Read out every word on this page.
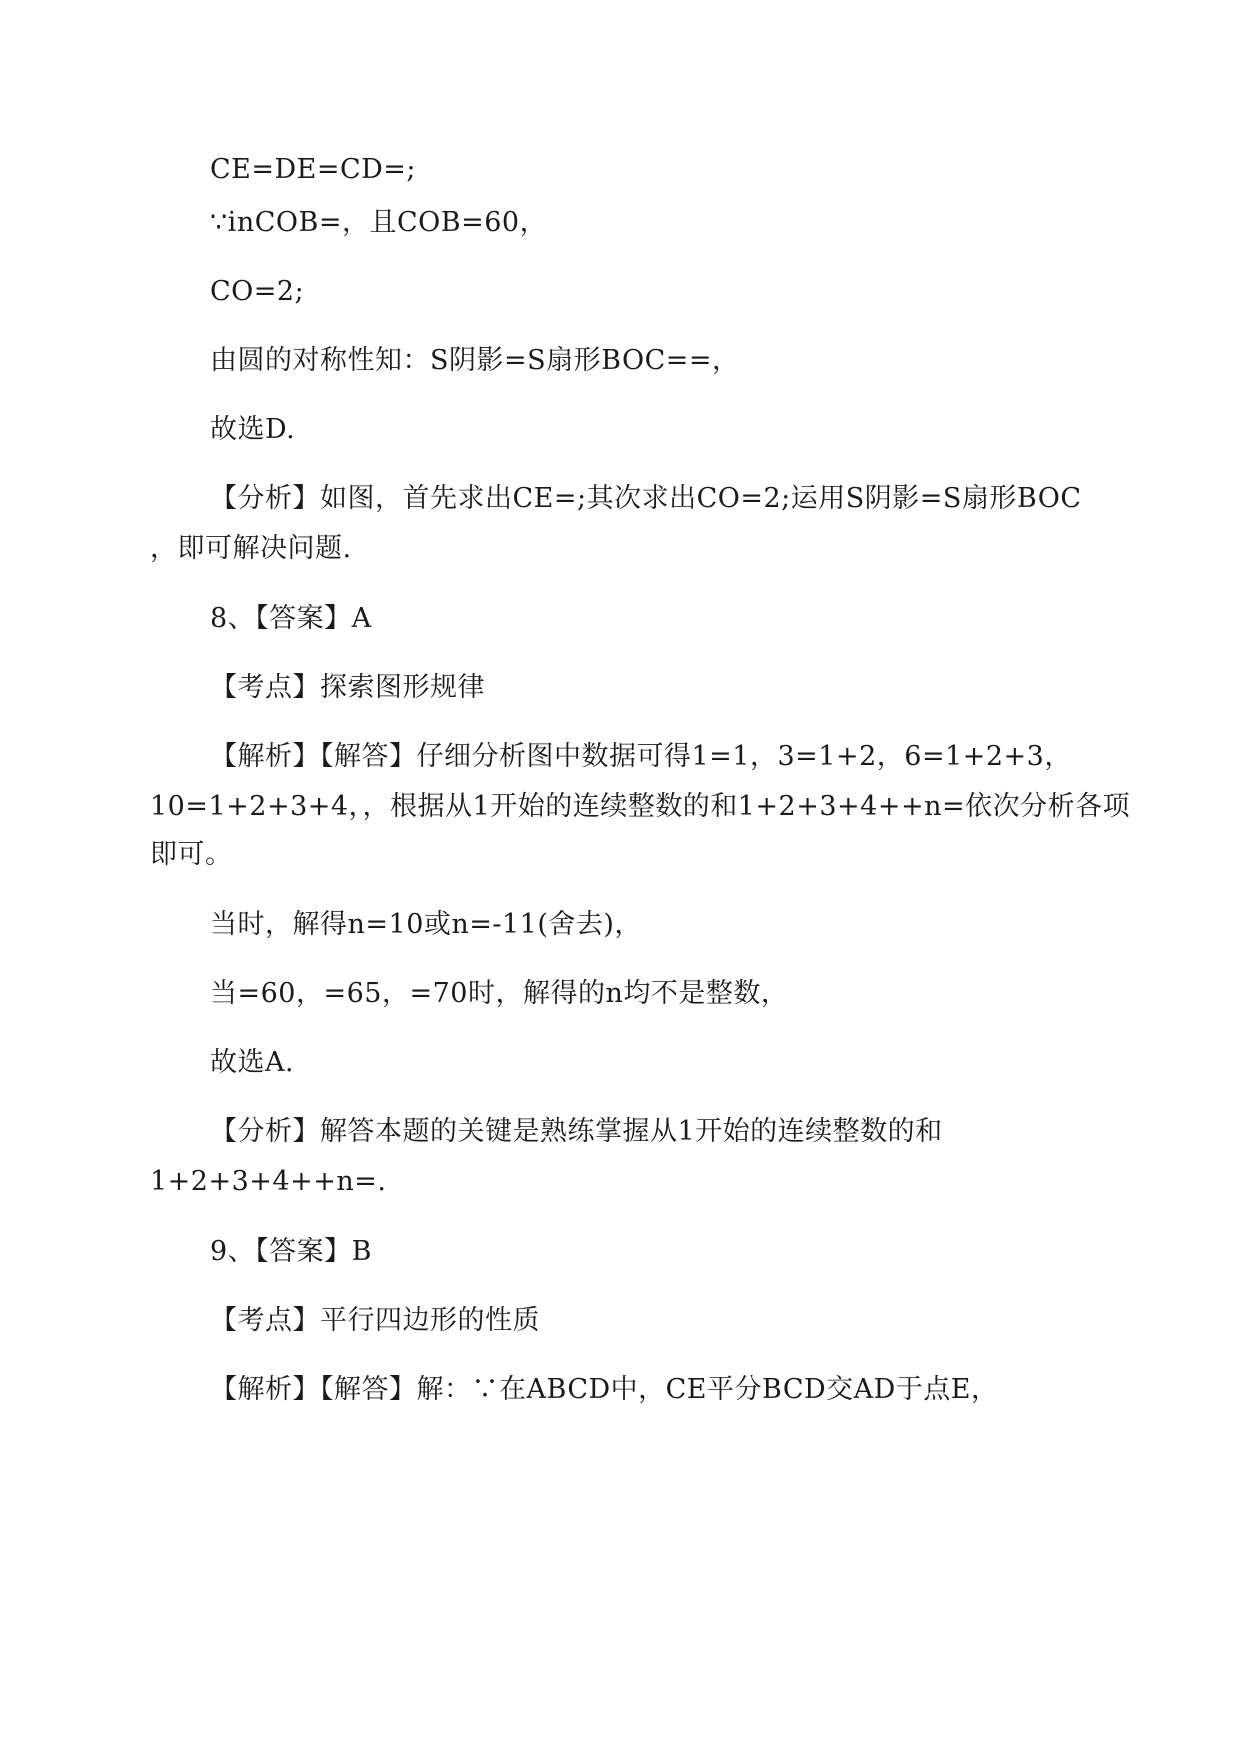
CE=DE=CD=;
∵inCOB=，且COB=60，
CO=2;
由圆的对称性知：S阴影=S扇形BOC==，
故选D.
【分析】如图，首先求出CE=;其次求出CO=2;运用S阴影=S扇形BOC
，即可解决问题.
8、【答案】A
【考点】探索图形规律
【解析】【解答】仔细分析图中数据可得1=1，3=1+2，6=1+2+3，
10=1+2+3+4，，根据从1开始的连续整数的和1+2+3+4++n=依次分析各项
即可。
当时，解得n=10或n=-11(舍去)，
当=60，=65，=70时，解得的n均不是整数，
故选A.
【分析】解答本题的关键是熟练掌握从1开始的连续整数的和
1+2+3+4++n=.
9、【答案】B
【考点】平行四边形的性质
【解析】【解答】解：∵在ABCD中，CE平分BCD交AD于点E，
